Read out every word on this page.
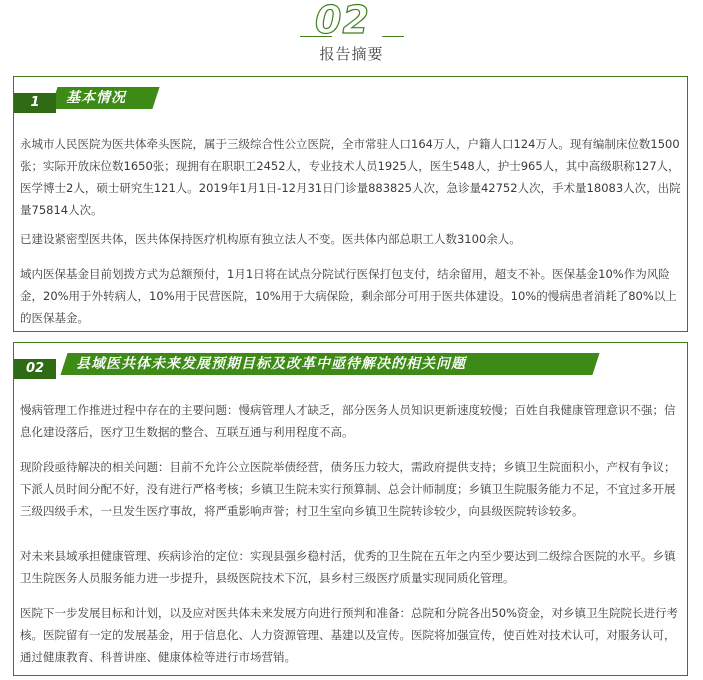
02
报告摘要
基本情况
1

永城市人民医院为医共体牵头医院，属于三级综合性公立医院，全市常驻人口164万人，户籍人口124万人。现有编制床位数1500张；实际开放床位数1650张；现拥有在职职工2452人，专业技术人员1925人，医生548人，护士965人，其中高级职称127人，医学博士2人，硕士研究生121人。2019年1月1日-12月31日门诊量883825人次，急诊量42752人次，手术量18083人次，出院量75814人次。

已建设紧密型医共体，医共体保持医疗机构原有独立法人不变。医共体内部总职工人数3100余人。

域内医保基金目前划拨方式为总额预付，1月1日将在试点分院试行医保打包支付，结余留用，超支不补。医保基金10%作为风险金，20%用于外转病人，10%用于民营医院，10%用于大病保险，剩余部分可用于医共体建设。10%的慢病患者消耗了80%以上的医保基金。

县域医共体未来发展预期目标及改革中亟待解决的相关问题
02

慢病管理工作推进过程中存在的主要问题：慢病管理人才缺乏，部分医务人员知识更新速度较慢；百姓自我健康管理意识不强；信息化建设落后，医疗卫生数据的整合、互联互通与利用程度不高。

现阶段亟待解决的相关问题：目前不允许公立医院举债经营，债务压力较大，需政府提供支持；乡镇卫生院面积小，产权有争议；下派人员时间分配不好，没有进行严格考核；乡镇卫生院未实行预算制、总会计师制度；乡镇卫生院服务能力不足，不宜过多开展三级四级手术，一旦发生医疗事故，将严重影响声誉；村卫生室向乡镇卫生院转诊较少，向县级医院转诊较多。

对未来县域承担健康管理、疾病诊治的定位：实现县强乡稳村活，优秀的卫生院在五年之内至少要达到二级综合医院的水平。乡镇卫生院医务人员服务能力进一步提升，县级医院技术下沉，县乡村三级医疗质量实现同质化管理。

医院下一步发展目标和计划，以及应对医共体未来发展方向进行预判和准备：总院和分院各出50%资金，对乡镇卫生院院长进行考核。医院留有一定的发展基金，用于信息化、人力资源管理、基建以及宣传。医院将加强宣传，使百姓对技术认可，对服务认可，通过健康教育、科普讲座、健康体检等进行市场营销。
